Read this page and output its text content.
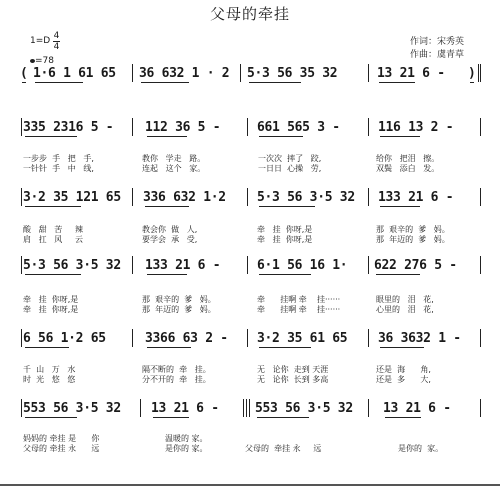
父母的牵挂
作词：宋秀英
作曲：虞青草
1=D 4
4
=78
( 1·6 1 61 65 36 632 1 · 2 5·3 56 35 32	13 21 6 - )
335 2316 5 - 112 36 5 -	661 565 3 -	116 13 2 -
一步步  手   把   手,	教你   学走   路。	一次次  摔了   跤,	给你   把泪   擦。
一针针  手   中   线,	连起   这个   家。	一日日  心操   劳,	双鬓   添白   发。
3·2 35 121 65 336 632 1·2 5·3 56 3·5 32 133 21 6 -
酸   甜   苦     辣	教会你  做   人,	牵   挂  你呀,是	那  艰辛的  爹   妈。
肩   扛   风     云	要学会  承   受,	牵   挂  你呀,是	那  年迈的  爹   妈。
5·3 56 3·5 32 133 21 6 -	6·1 56 16 1· 622 276 5 -
牵   挂  你呀,是	那  艰辛的  爹   妈。	牵      挂啊 牵    挂······	眼里的   泪   花,
牵   挂  你呀,是	那  年迈的  爹   妈。	牵      挂啊 牵    挂······	心里的   泪   花,
6 56 1·2 65	3366 63 2 - 3·2 35 61 65 36 3632 1 -
千  山   万   水	隔不断的  牵   挂。	无   论你  走到 天涯	还是  海      角,
时  光   悠   悠	分不开的  牵   挂。	无   论你  长到 多高	还是  多      大,
553 56 3·5 32 13 21 6 -	553 56 3·5 32 13 21 6 -
妈妈的 牵挂 是      你	温暖的 家。
父母的 牵挂 永      远	是你的 家。	父母的  牵挂 永     远	是你的  家。
